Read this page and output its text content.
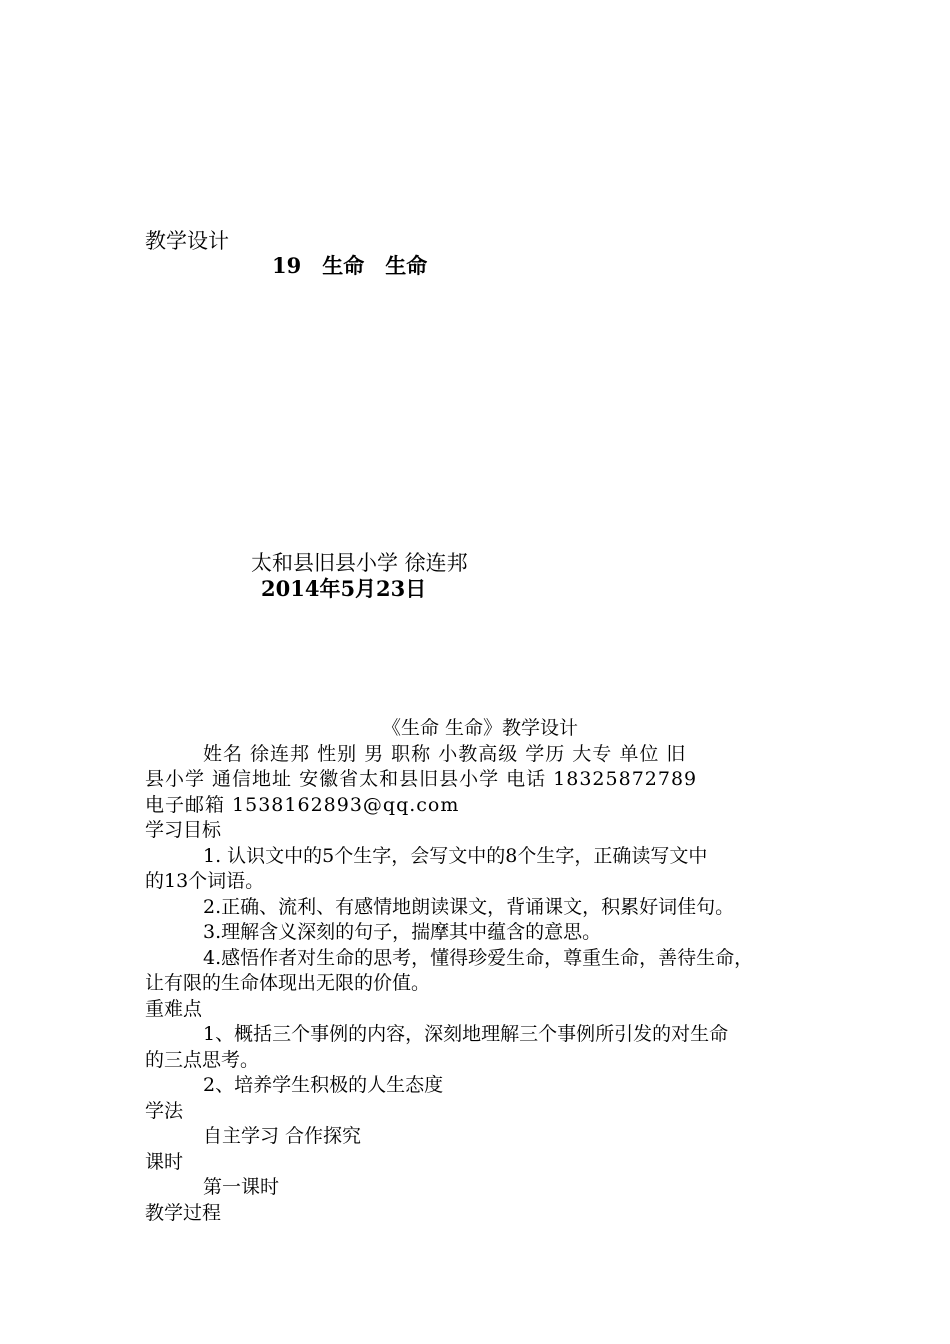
教学设计
19　生命　生命
太和县旧县小学 徐连邦
2014年5月23日

《生命 生命》教学设计

姓名 徐连邦 性别 男 职称 小教高级 学历 大专 单位 旧

县小学 通信地址 安徽省太和县旧县小学 电话 18325872789

电子邮箱 1538162893@qq.com

学习目标

1. 认识文中的5个生字，会写文中的8个生字，正确读写文中

的13个词语。

2.正确、流利、有感情地朗读课文，背诵课文，积累好词佳句。

3.理解含义深刻的句子，揣摩其中蕴含的意思。

4.感悟作者对生命的思考，懂得珍爱生命，尊重生命，善待生命，

让有限的生命体现出无限的价值。

重难点

1、概括三个事例的内容，深刻地理解三个事例所引发的对生命

的三点思考。

2、培养学生积极的人生态度

学法

自主学习 合作探究

课时

第一课时

教学过程
